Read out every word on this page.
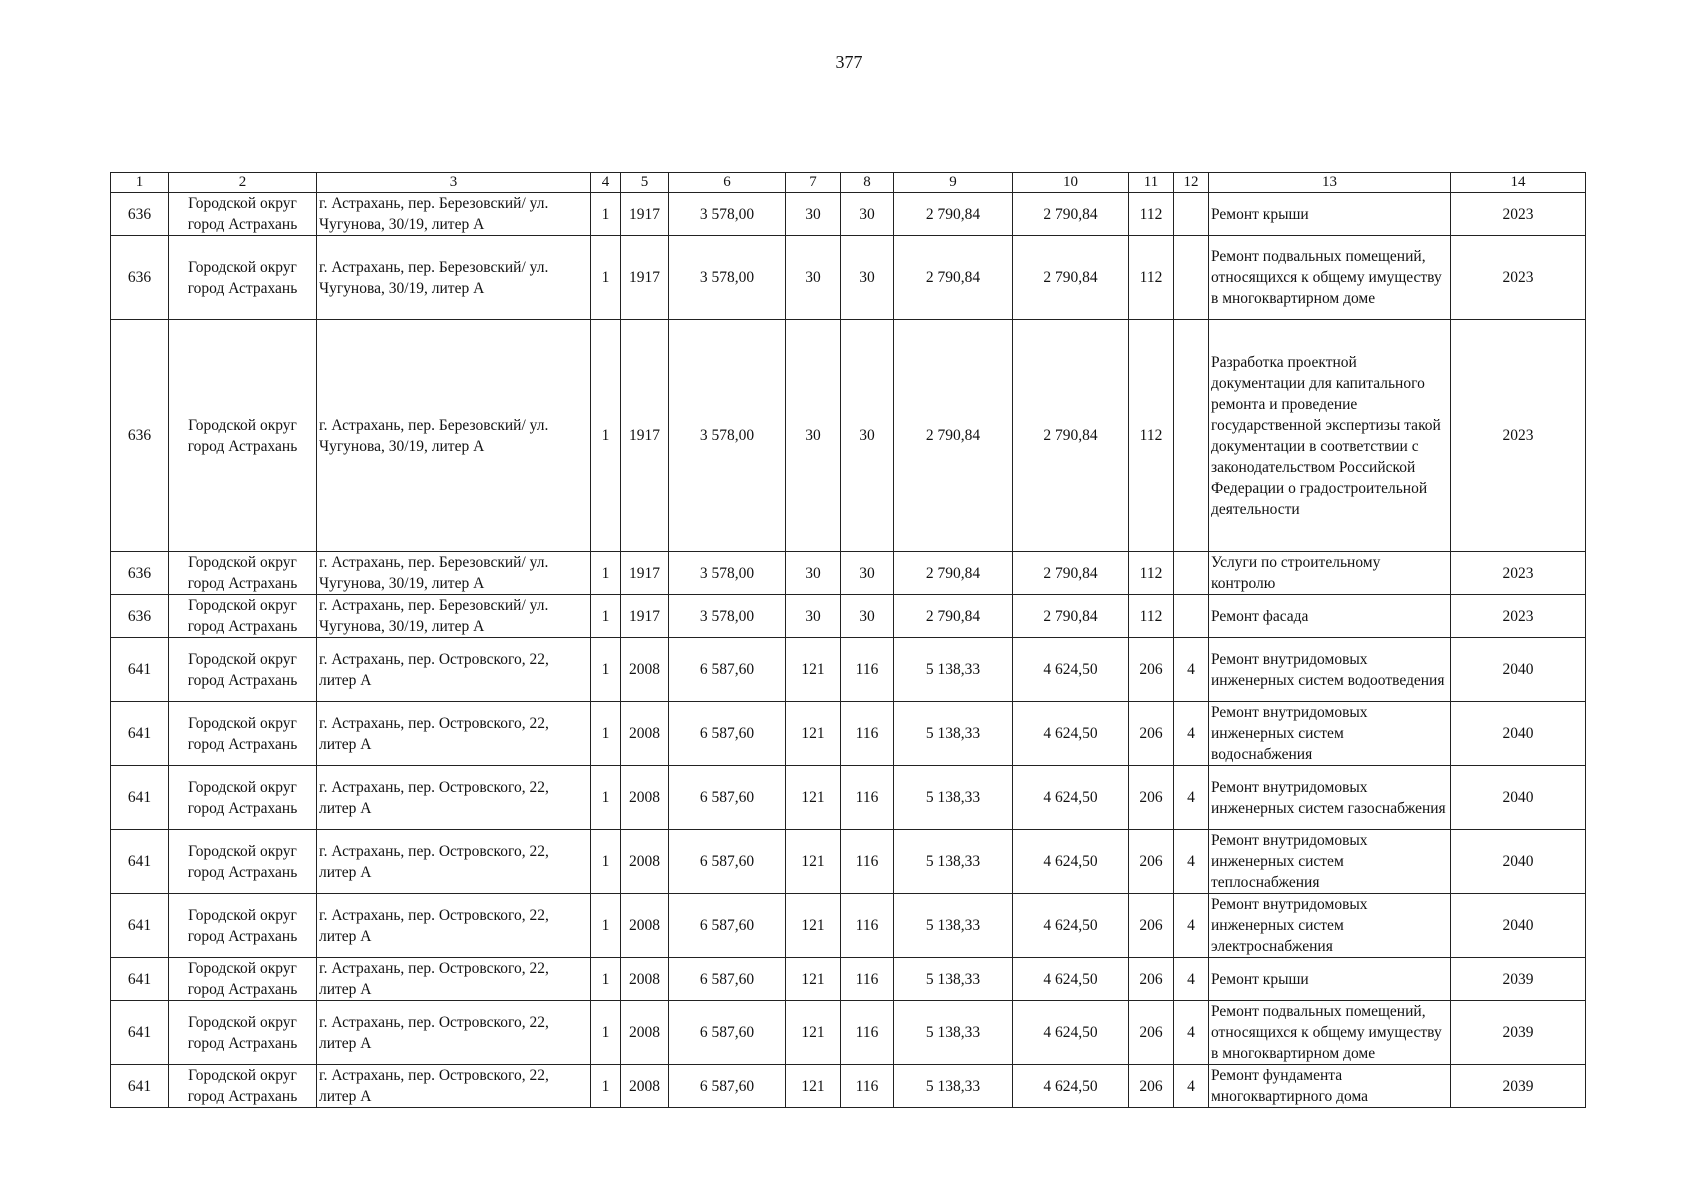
377
1	2	3	4	5	6	7	8	9	10	11	12	13	14
636	Городской округ город Астрахань	г. Астрахань, пер. Березовский/ ул. Чугунова, 30/19, литер А	1	1917	3 578,00	30	30	2 790,84	2 790,84	112		Ремонт крыши	2023
636	Городской округ город Астрахань	г. Астрахань, пер. Березовский/ ул. Чугунова, 30/19, литер А	1	1917	3 578,00	30	30	2 790,84	2 790,84	112		Ремонт подвальных помещений, относящихся к общему имуществу в многоквартирном доме	2023
636	Городской округ город Астрахань	г. Астрахань, пер. Березовский/ ул. Чугунова, 30/19, литер А	1	1917	3 578,00	30	30	2 790,84	2 790,84	112		Разработка проектной документации для капитального ремонта и проведение государственной экспертизы такой документации в соответствии с законодательством Российской Федерации о градостроительной деятельности	2023
636	Городской округ город Астрахань	г. Астрахань, пер. Березовский/ ул. Чугунова, 30/19, литер А	1	1917	3 578,00	30	30	2 790,84	2 790,84	112		Услуги по строительному контролю	2023
636	Городской округ город Астрахань	г. Астрахань, пер. Березовский/ ул. Чугунова, 30/19, литер А	1	1917	3 578,00	30	30	2 790,84	2 790,84	112		Ремонт фасада	2023
641	Городской округ город Астрахань	г. Астрахань, пер. Островского, 22, литер А	1	2008	6 587,60	121	116	5 138,33	4 624,50	206	4	Ремонт внутридомовых инженерных систем водоотведения	2040
641	Городской округ город Астрахань	г. Астрахань, пер. Островского, 22, литер А	1	2008	6 587,60	121	116	5 138,33	4 624,50	206	4	Ремонт внутридомовых инженерных систем водоснабжения	2040
641	Городской округ город Астрахань	г. Астрахань, пер. Островского, 22, литер А	1	2008	6 587,60	121	116	5 138,33	4 624,50	206	4	Ремонт внутридомовых инженерных систем газоснабжения	2040
641	Городской округ город Астрахань	г. Астрахань, пер. Островского, 22, литер А	1	2008	6 587,60	121	116	5 138,33	4 624,50	206	4	Ремонт внутридомовых инженерных систем теплоснабжения	2040
641	Городской округ город Астрахань	г. Астрахань, пер. Островского, 22, литер А	1	2008	6 587,60	121	116	5 138,33	4 624,50	206	4	Ремонт внутридомовых инженерных систем электроснабжения	2040
641	Городской округ город Астрахань	г. Астрахань, пер. Островского, 22, литер А	1	2008	6 587,60	121	116	5 138,33	4 624,50	206	4	Ремонт крыши	2039
641	Городской округ город Астрахань	г. Астрахань, пер. Островского, 22, литер А	1	2008	6 587,60	121	116	5 138,33	4 624,50	206	4	Ремонт подвальных помещений, относящихся к общему имуществу в многоквартирном доме	2039
641	Городской округ город Астрахань	г. Астрахань, пер. Островского, 22, литер А	1	2008	6 587,60	121	116	5 138,33	4 624,50	206	4	Ремонт фундамента многоквартирного дома	2039
